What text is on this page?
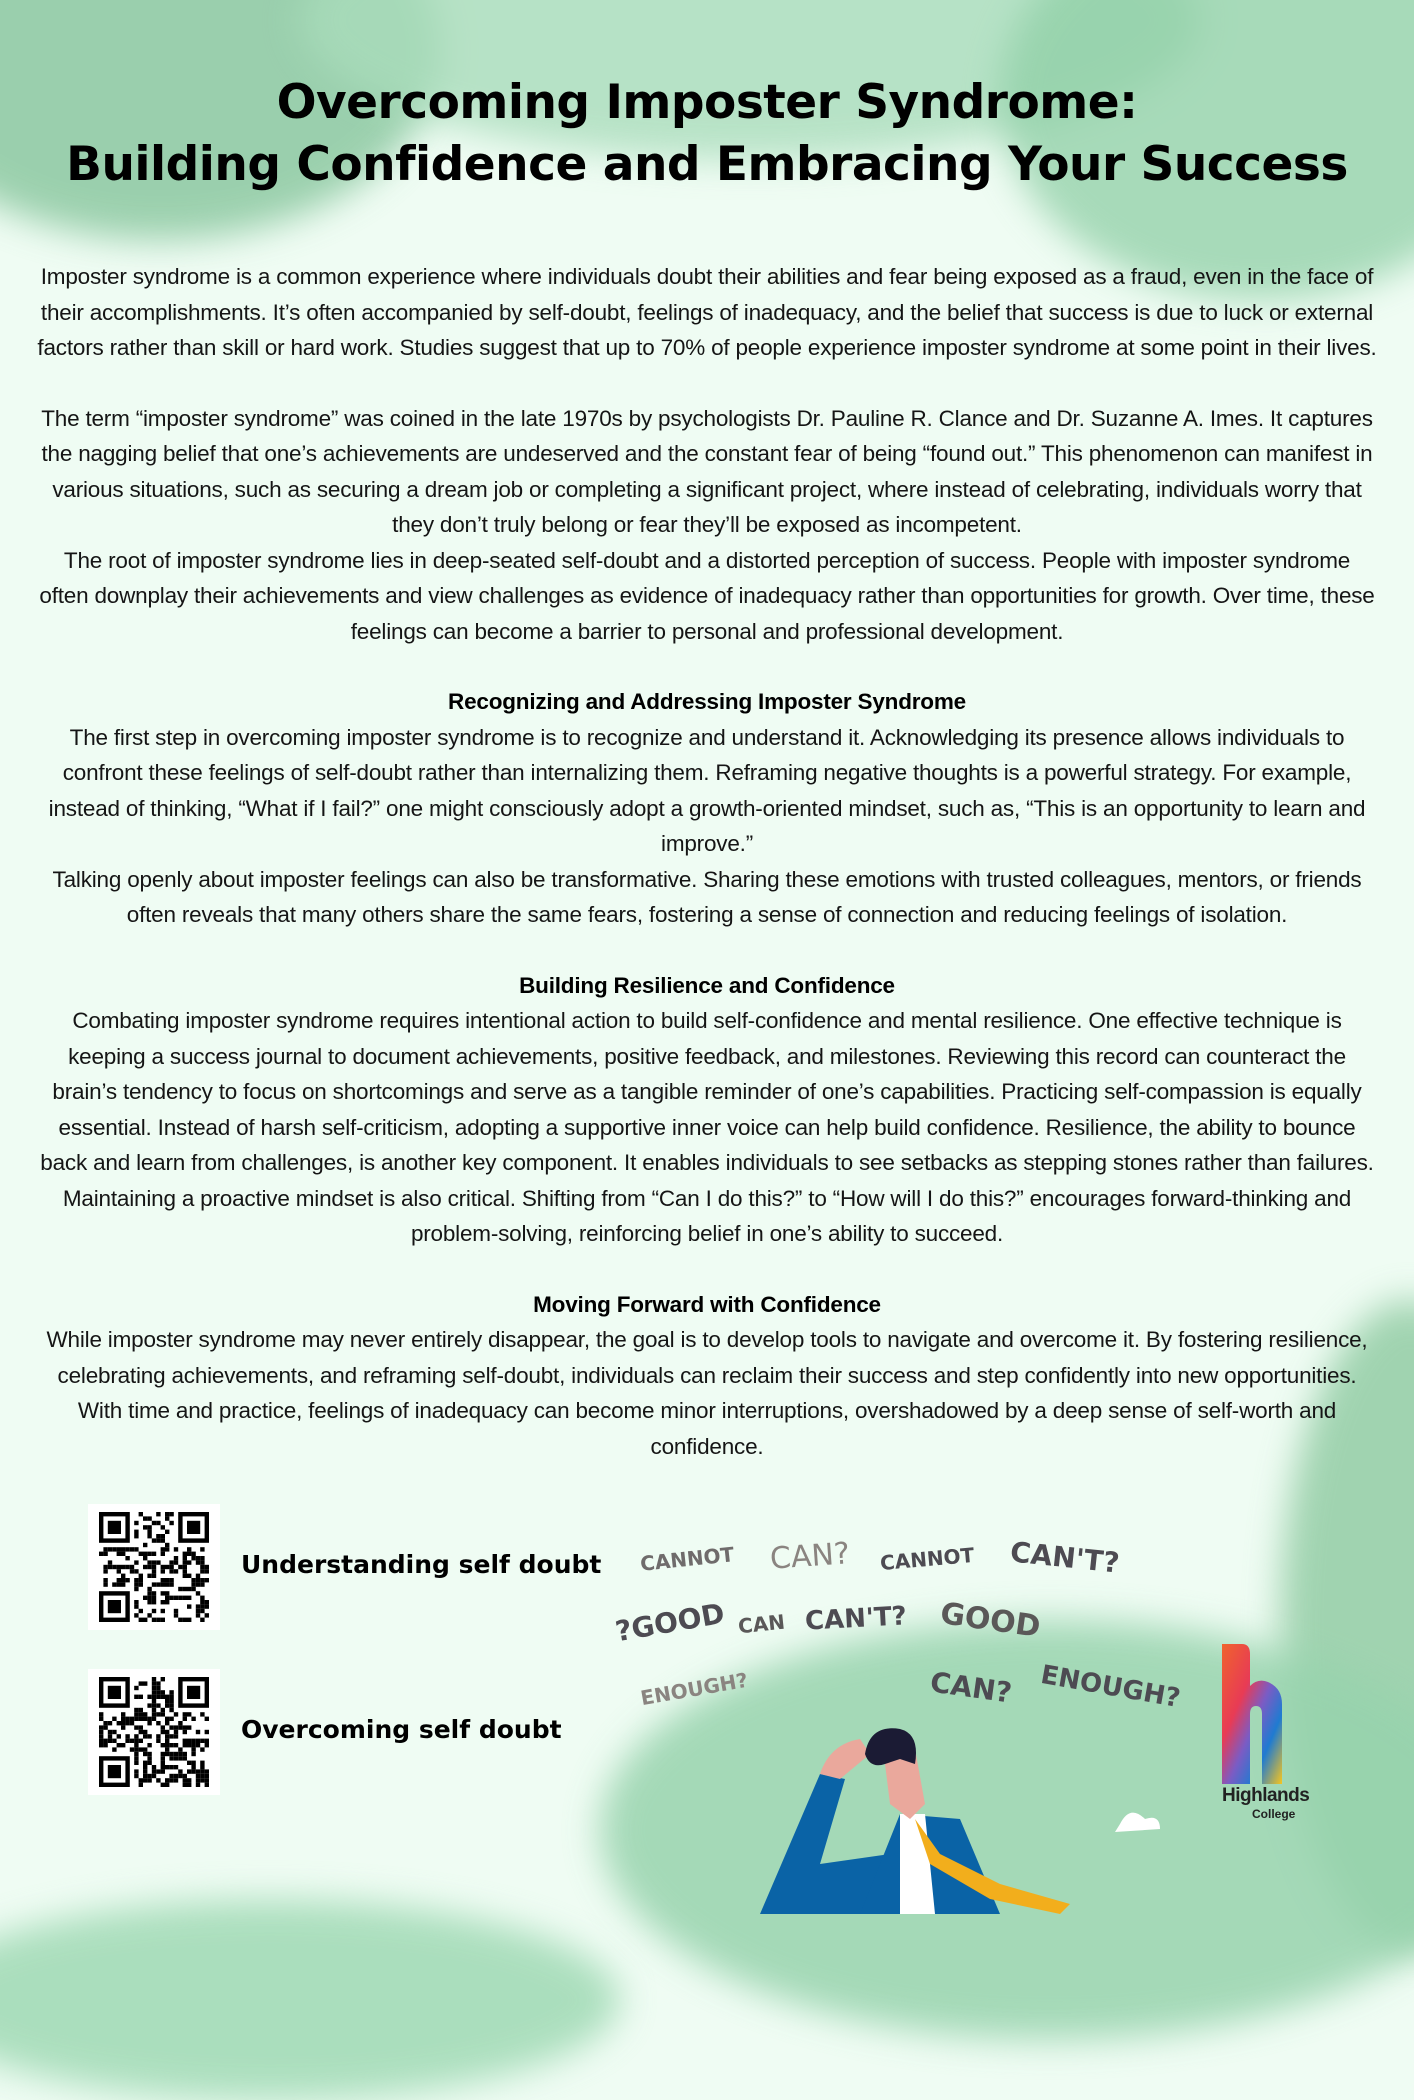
Overcoming Imposter Syndrome:
Building Confidence and Embracing Your Success

Imposter syndrome is a common experience where individuals doubt their abilities and fear being exposed as a fraud, even in the face of their accomplishments. It’s often accompanied by self-doubt, feelings of inadequacy, and the belief that success is due to luck or external factors rather than skill or hard work. Studies suggest that up to 70% of people experience imposter syndrome at some point in their lives.

The term “imposter syndrome” was coined in the late 1970s by psychologists Dr. Pauline R. Clance and Dr. Suzanne A. Imes. It captures the nagging belief that one’s achievements are undeserved and the constant fear of being “found out.” This phenomenon can manifest in various situations, such as securing a dream job or completing a significant project, where instead of celebrating, individuals worry that they don’t truly belong or fear they’ll be exposed as incompetent.

The root of imposter syndrome lies in deep-seated self-doubt and a distorted perception of success. People with imposter syndrome often downplay their achievements and view challenges as evidence of inadequacy rather than opportunities for growth. Over time, these feelings can become a barrier to personal and professional development.

Recognizing and Addressing Imposter Syndrome

The first step in overcoming imposter syndrome is to recognize and understand it. Acknowledging its presence allows individuals to confront these feelings of self-doubt rather than internalizing them. Reframing negative thoughts is a powerful strategy. For example, instead of thinking, “What if I fail?” one might consciously adopt a growth-oriented mindset, such as, “This is an opportunity to learn and improve.”

Talking openly about imposter feelings can also be transformative. Sharing these emotions with trusted colleagues, mentors, or friends often reveals that many others share the same fears, fostering a sense of connection and reducing feelings of isolation.

Building Resilience and Confidence

Combating imposter syndrome requires intentional action to build self-confidence and mental resilience. One effective technique is keeping a success journal to document achievements, positive feedback, and milestones. Reviewing this record can counteract the brain’s tendency to focus on shortcomings and serve as a tangible reminder of one’s capabilities. Practicing self-compassion is equally essential. Instead of harsh self-criticism, adopting a supportive inner voice can help build confidence. Resilience, the ability to bounce back and learn from challenges, is another key component. It enables individuals to see setbacks as stepping stones rather than failures.

Maintaining a proactive mindset is also critical. Shifting from “Can I do this?” to “How will I do this?” encourages forward-thinking and problem-solving, reinforcing belief in one’s ability to succeed.

Moving Forward with Confidence

While imposter syndrome may never entirely disappear, the goal is to develop tools to navigate and overcome it. By fostering resilience, celebrating achievements, and reframing self-doubt, individuals can reclaim their success and step confidently into new opportunities. With time and practice, feelings of inadequacy can become minor interruptions, overshadowed by a deep sense of self-worth and confidence.

Understanding self doubt
Overcoming self doubt
CANNOT CAN? CANNOT CAN'T?
?GOOD CAN CAN'T? GOOD
ENOUGH?
CAN?
ENOUGH?
Highlands
College
